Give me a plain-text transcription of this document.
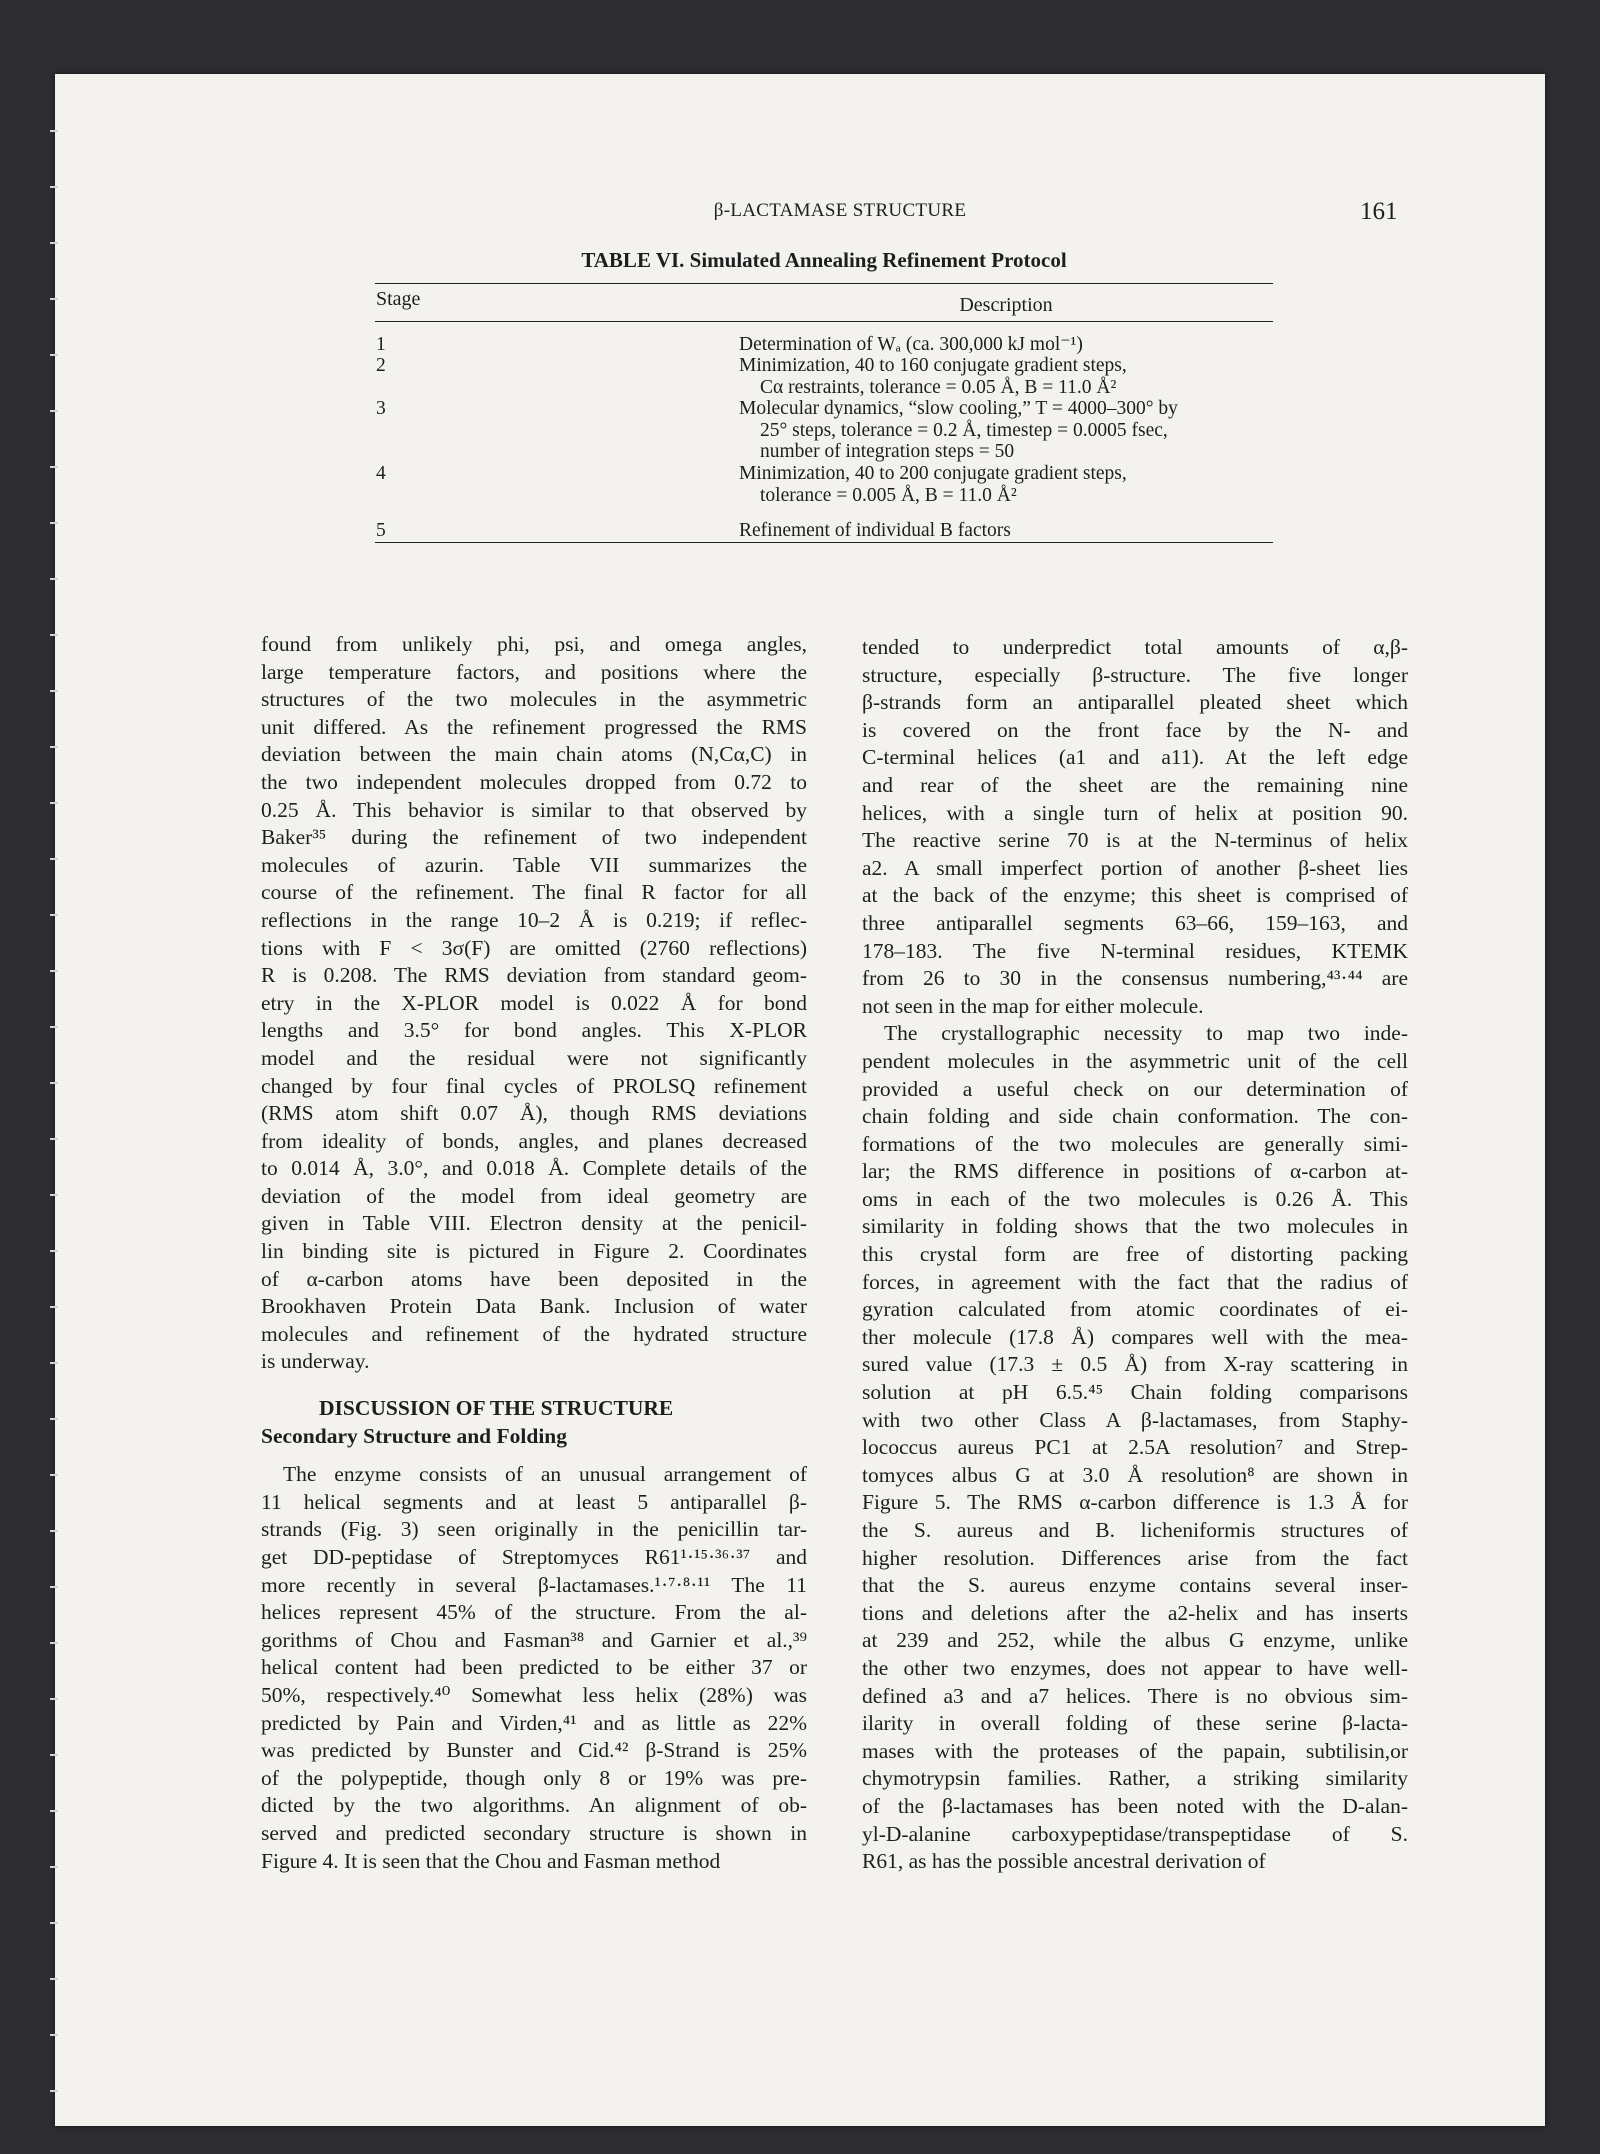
β-LACTAMASE STRUCTURE	161
TABLE VI. Simulated Annealing Refinement Protocol
Stage	Description
1	Determination of Wₐ (ca. 300,000 kJ mol⁻¹)
2	Minimization, 40 to 160 conjugate gradient steps,
Cα restraints, tolerance = 0.05 Å, B = 11.0 Å²
3	Molecular dynamics, “slow cooling,” T = 4000–300° by
25° steps, tolerance = 0.2 Å, timestep = 0.0005 fsec,
number of integration steps = 50
4	Minimization, 40 to 200 conjugate gradient steps,
tolerance = 0.005 Å, B = 11.0 Å²
5	Refinement of individual B factors
found from unlikely phi, psi, and omega angles,
large temperature factors, and positions where the
structures of the two molecules in the asymmetric
unit differed. As the refinement progressed the RMS
deviation between the main chain atoms (N,Cα,C) in
the two independent molecules dropped from 0.72 to
0.25 Å. This behavior is similar to that observed by
Baker³⁵ during the refinement of two independent
molecules of azurin. Table VII summarizes the
course of the refinement. The final R factor for all
reflections in the range 10–2 Å is 0.219; if reflec-
tions with F < 3σ(F) are omitted (2760 reflections)
R is 0.208. The RMS deviation from standard geom-
etry in the X-PLOR model is 0.022 Å for bond
lengths and 3.5° for bond angles. This X-PLOR
model and the residual were not significantly
changed by four final cycles of PROLSQ refinement
(RMS atom shift 0.07 Å), though RMS deviations
from ideality of bonds, angles, and planes decreased
to 0.014 Å, 3.0°, and 0.018 Å. Complete details of the
deviation of the model from ideal geometry are
given in Table VIII. Electron density at the penicil-
lin binding site is pictured in Figure 2. Coordinates
of α-carbon atoms have been deposited in the
Brookhaven Protein Data Bank. Inclusion of water
molecules and refinement of the hydrated structure
is underway.
DISCUSSION OF THE STRUCTURE
Secondary Structure and Folding
The enzyme consists of an unusual arrangement of
11 helical segments and at least 5 antiparallel β-
strands (Fig. 3) seen originally in the penicillin tar-
get DD-peptidase of Streptomyces R61¹·¹⁵·³⁶·³⁷ and
more recently in several β-lactamases.¹·⁷·⁸·¹¹ The 11
helices represent 45% of the structure. From the al-
gorithms of Chou and Fasman³⁸ and Garnier et al.,³⁹
helical content had been predicted to be either 37 or
50%, respectively.⁴⁰ Somewhat less helix (28%) was
predicted by Pain and Virden,⁴¹ and as little as 22%
was predicted by Bunster and Cid.⁴² β-Strand is 25%
of the polypeptide, though only 8 or 19% was pre-
dicted by the two algorithms. An alignment of ob-
served and predicted secondary structure is shown in
Figure 4. It is seen that the Chou and Fasman method
tended to underpredict total amounts of α,β-
structure, especially β-structure. The five longer
β-strands form an antiparallel pleated sheet which
is covered on the front face by the N- and
C-terminal helices (a1 and a11). At the left edge
and rear of the sheet are the remaining nine
helices, with a single turn of helix at position 90.
The reactive serine 70 is at the N-terminus of helix
a2. A small imperfect portion of another β-sheet lies
at the back of the enzyme; this sheet is comprised of
three antiparallel segments 63–66, 159–163, and
178–183. The five N-terminal residues, KTEMK
from 26 to 30 in the consensus numbering,⁴³·⁴⁴ are
not seen in the map for either molecule.
The crystallographic necessity to map two inde-
pendent molecules in the asymmetric unit of the cell
provided a useful check on our determination of
chain folding and side chain conformation. The con-
formations of the two molecules are generally simi-
lar; the RMS difference in positions of α-carbon at-
oms in each of the two molecules is 0.26 Å. This
similarity in folding shows that the two molecules in
this crystal form are free of distorting packing
forces, in agreement with the fact that the radius of
gyration calculated from atomic coordinates of ei-
ther molecule (17.8 Å) compares well with the mea-
sured value (17.3 ± 0.5 Å) from X-ray scattering in
solution at pH 6.5.⁴⁵ Chain folding comparisons
with two other Class A β-lactamases, from Staphy-
lococcus aureus PC1 at 2.5A resolution⁷ and Strep-
tomyces albus G at 3.0 Å resolution⁸ are shown in
Figure 5. The RMS α-carbon difference is 1.3 Å for
the S. aureus and B. licheniformis structures of
higher resolution. Differences arise from the fact
that the S. aureus enzyme contains several inser-
tions and deletions after the a2-helix and has inserts
at 239 and 252, while the albus G enzyme, unlike
the other two enzymes, does not appear to have well-
defined a3 and a7 helices. There is no obvious sim-
ilarity in overall folding of these serine β-lacta-
mases with the proteases of the papain, subtilisin,or
chymotrypsin families. Rather, a striking similarity
of the β-lactamases has been noted with the D-alan-
yl-D-alanine carboxypeptidase/transpeptidase of S.
R61, as has the possible ancestral derivation of
